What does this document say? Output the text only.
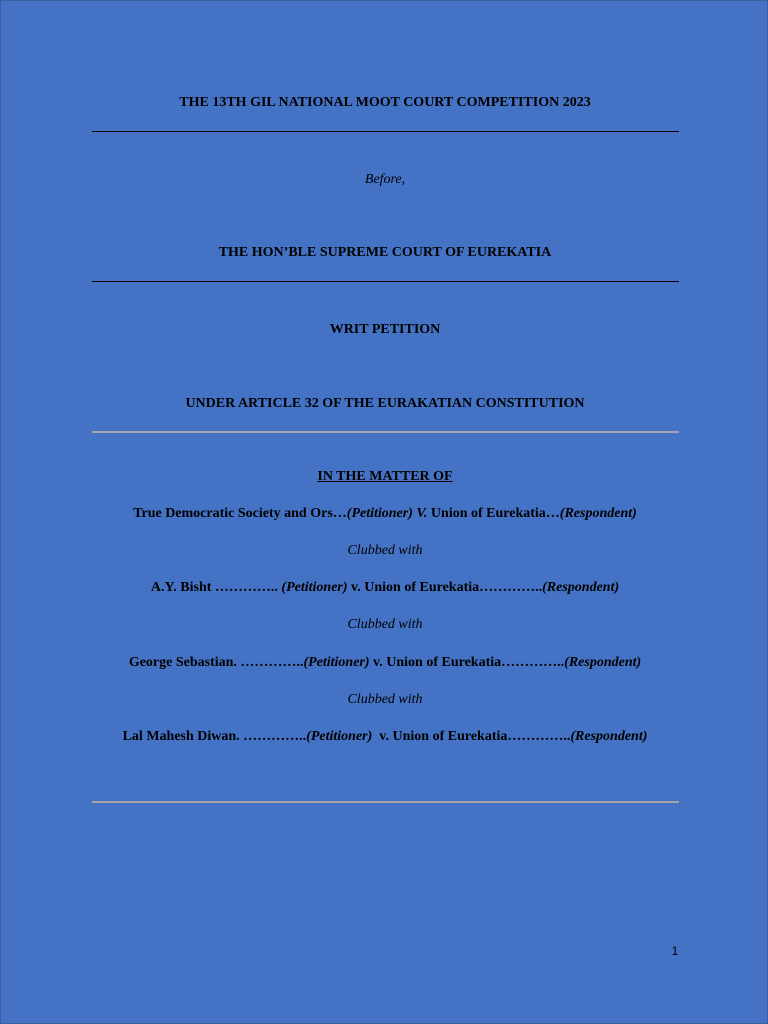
THE 13TH GIL NATIONAL MOOT COURT COMPETITION 2023
Before,
THE HON’BLE SUPREME COURT OF EUREKATIA
WRIT PETITION
UNDER ARTICLE 32 OF THE EURAKATIAN CONSTITUTION
IN THE MATTER OF
True Democratic Society and Ors…(Petitioner) V. Union of Eurekatia…(Respondent)
Clubbed with
A.Y. Bisht ………….. (Petitioner) v. Union of Eurekatia…………..(Respondent)
Clubbed with
George Sebastian. …………..(Petitioner) v. Union of Eurekatia…………..(Respondent)
Clubbed with
Lal Mahesh Diwan. …………..(Petitioner)  v. Union of Eurekatia…………..(Respondent)
1
